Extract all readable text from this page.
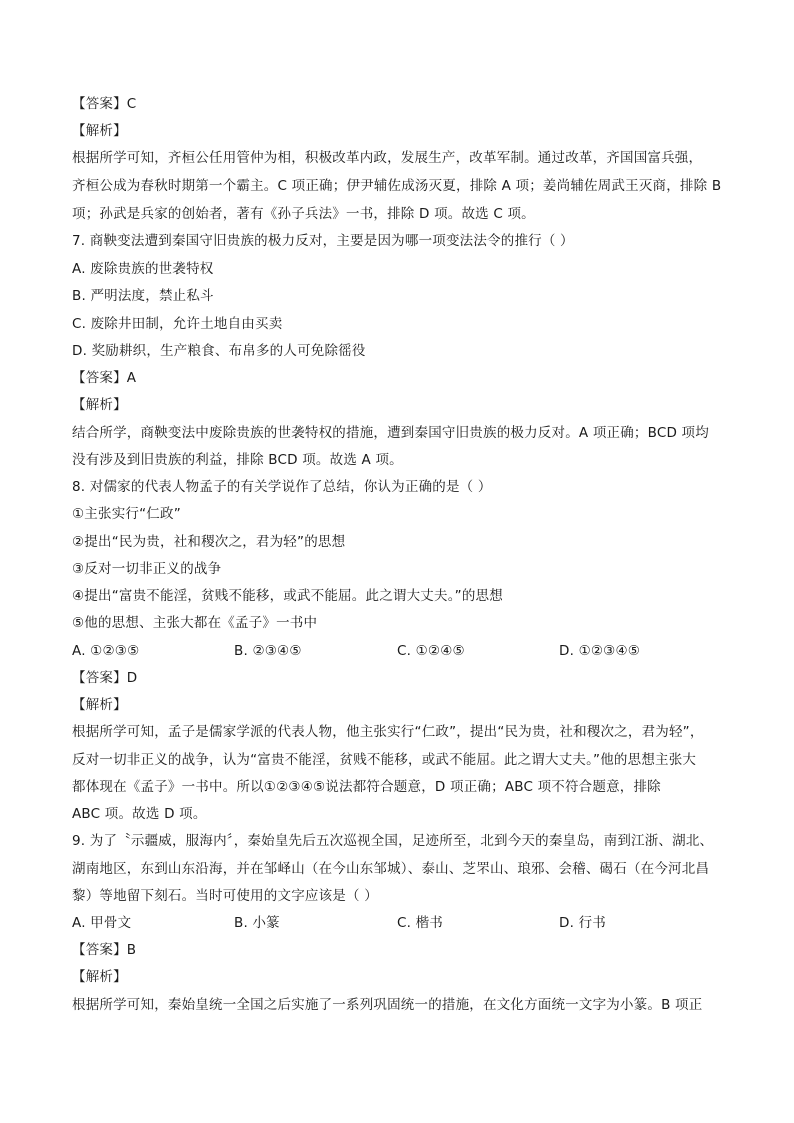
【答案】C
【解析】
根据所学可知，齐桓公任用管仲为相，积极改革内政，发展生产，改革军制。通过改革，齐国国富兵强，
齐桓公成为春秋时期第一个霸主。C 项正确；伊尹辅佐成汤灭夏，排除 A 项；姜尚辅佐周武王灭商，排除 B
项；孙武是兵家的创始者，著有《孙子兵法》一书，排除 D 项。故选 C 项。
7. 商鞅变法遭到秦国守旧贵族的极力反对，主要是因为哪一项变法法令的推行（ ）
A. 废除贵族的世袭特权
B. 严明法度，禁止私斗
C. 废除井田制，允许土地自由买卖
D. 奖励耕织，生产粮食、布帛多的人可免除徭役
【答案】A
【解析】
结合所学，商鞅变法中废除贵族的世袭特权的措施，遭到秦国守旧贵族的极力反对。A 项正确；BCD 项均
没有涉及到旧贵族的利益，排除 BCD 项。故选 A 项。
8. 对儒家的代表人物孟子的有关学说作了总结，你认为正确的是（ ）
①主张实行“仁政”
②提出“民为贵，社和稷次之，君为轻”的思想
③反对一切非正义的战争
④提出“富贵不能淫，贫贱不能移，或武不能屈。此之谓大丈夫。”的思想
⑤他的思想、主张大都在《孟子》一书中
A. ①②③⑤	B. ②③④⑤	C. ①②④⑤	D. ①②③④⑤
【答案】D
【解析】
根据所学可知，孟子是儒家学派的代表人物，他主张实行“仁政”，提出“民为贵，社和稷次之，君为轻”，
反对一切非正义的战争，认为“富贵不能淫，贫贱不能移，或武不能屈。此之谓大丈夫。”他的思想主张大
都体现在《孟子》一书中。所以①②③④⑤说法都符合题意，D 项正确；ABC 项不符合题意，排除
ABC 项。故选 D 项。
9. 为了〝示疆威，服海内〞，秦始皇先后五次巡视全国，足迹所至，北到今天的秦皇岛，南到江浙、湖北、
湖南地区，东到山东沿海，并在邹峄山（在今山东邹城）、泰山、芝罘山、琅邪、会稽、碣石（在今河北昌
黎）等地留下刻石。当时可使用的文字应该是（ ）
A. 甲骨文	B. 小篆	C. 楷书	D. 行书
【答案】B
【解析】
根据所学可知，秦始皇统一全国之后实施了一系列巩固统一的措施，在文化方面统一文字为小篆。B 项正
